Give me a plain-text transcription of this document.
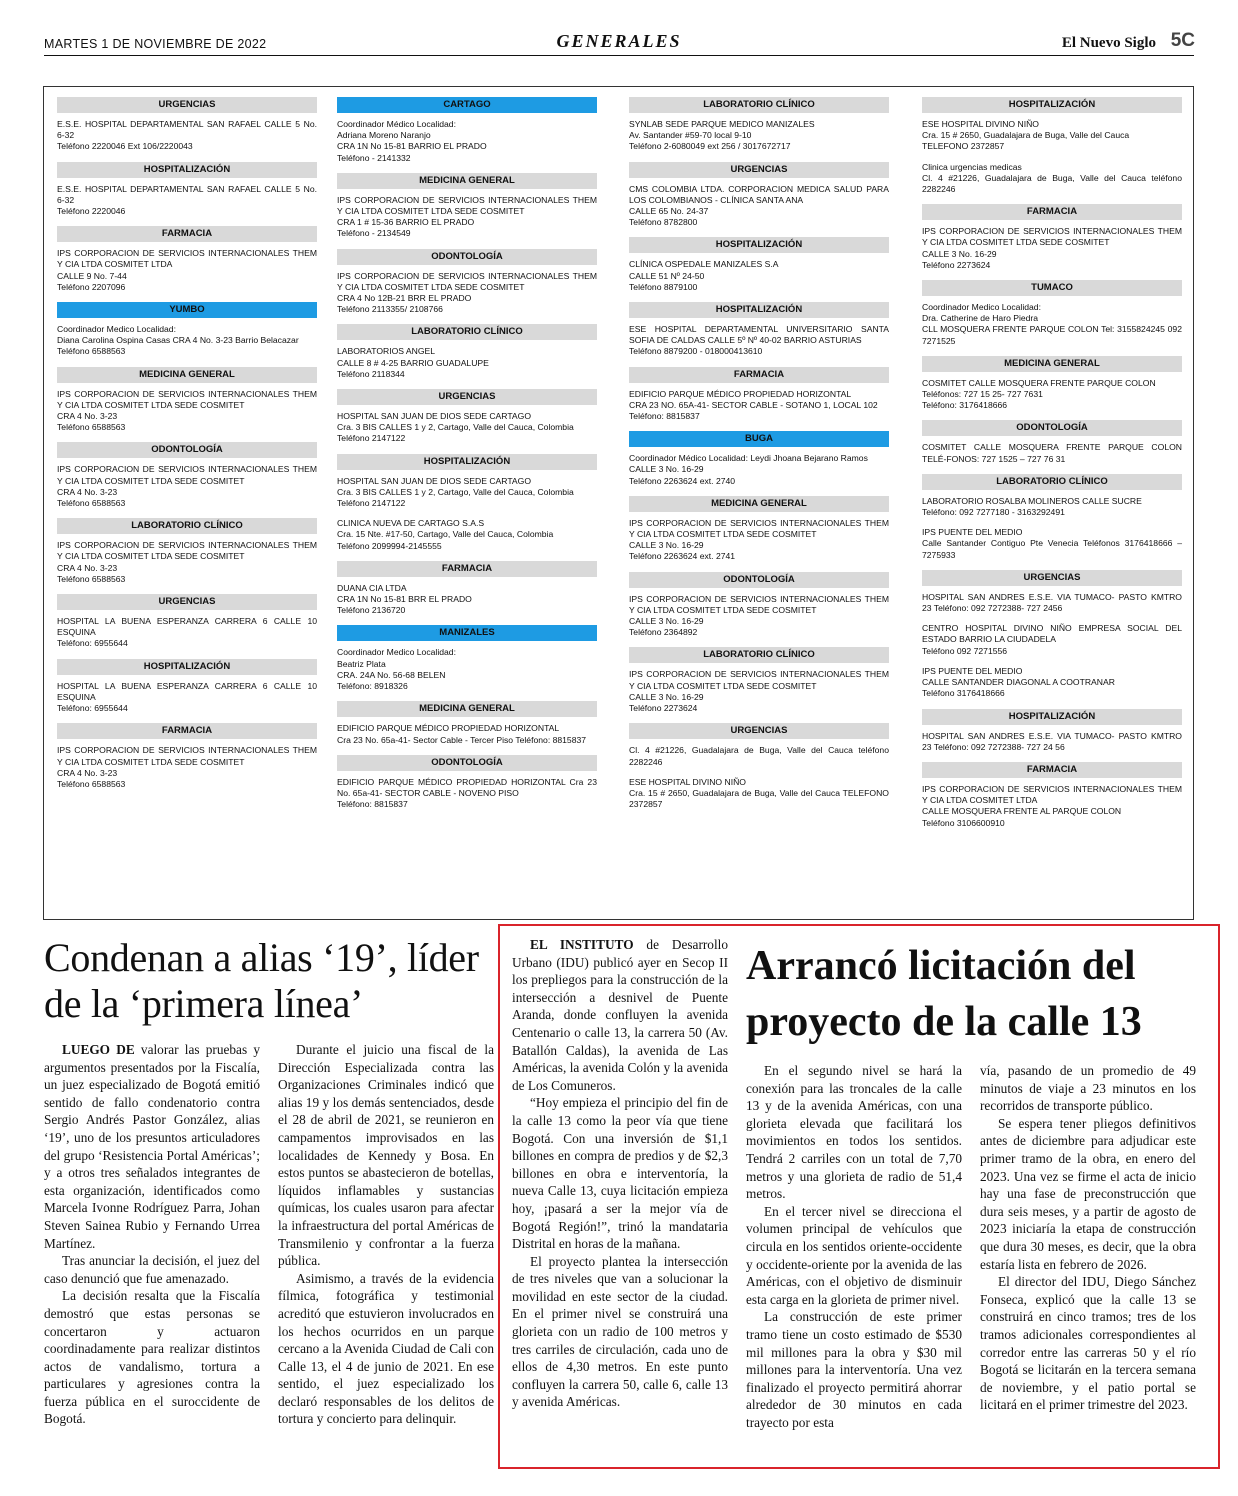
MARTES 1 DE NOVIEMBRE DE 2022	GENERALES	El Nuevo Siglo 5C
URGENCIAS
E.S.E. HOSPITAL DEPARTAMENTAL SAN RAFAEL CALLE 5 No. 6-32
Teléfono 2220046 Ext 106/2220043
HOSPITALIZACIÓN
E.S.E. HOSPITAL DEPARTAMENTAL SAN RAFAEL CALLE 5 No. 6-32
Teléfono 2220046
FARMACIA
IPS CORPORACION DE SERVICIOS INTERNACIONALES THEM Y CIA LTDA COSMITET LTDA
CALLE 9 No. 7-44
Teléfono 2207096
YUMBO
Coordinador Medico Localidad:
Diana Carolina Ospina Casas CRA 4 No. 3-23 Barrio Belacazar
Teléfono 6588563
MEDICINA GENERAL
IPS CORPORACION DE SERVICIOS INTERNACIONALES THEM Y CIA LTDA COSMITET LTDA SEDE COSMITET
CRA 4 No. 3-23
Teléfono 6588563
ODONTOLOGÍA
IPS CORPORACION DE SERVICIOS INTERNACIONALES THEM Y CIA LTDA COSMITET LTDA SEDE COSMITET
CRA 4 No. 3-23
Teléfono 6588563
LABORATORIO CLÍNICO
IPS CORPORACION DE SERVICIOS INTERNACIONALES THEM Y CIA LTDA COSMITET LTDA SEDE COSMITET
CRA 4 No. 3-23
Teléfono 6588563
URGENCIAS
HOSPITAL LA BUENA ESPERANZA CARRERA 6 CALLE 10 ESQUINA
Teléfono: 6955644
HOSPITALIZACIÓN
HOSPITAL LA BUENA ESPERANZA CARRERA 6 CALLE 10 ESQUINA
Teléfono: 6955644
FARMACIA
IPS CORPORACION DE SERVICIOS INTERNACIONALES THEM Y CIA LTDA COSMITET LTDA SEDE COSMITET
CRA 4 No. 3-23
Teléfono 6588563
CARTAGO
Coordinador Médico Localidad:
Adriana Moreno Naranjo
CRA 1N No 15-81 BARRIO EL PRADO
Teléfono - 2141332
MEDICINA GENERAL
IPS CORPORACION DE SERVICIOS INTERNACIONALES THEM Y CIA LTDA COSMITET LTDA SEDE COSMITET
CRA 1 # 15-36 BARRIO EL PRADO
Teléfono - 2134549
ODONTOLOGÍA
IPS CORPORACION DE SERVICIOS INTERNACIONALES THEM Y CIA LTDA COSMITET LTDA SEDE COSMITET
CRA 4 No 12B-21 BRR EL PRADO
Teléfono 2113355/ 2108766
LABORATORIO CLÍNICO
LABORATORIOS ANGEL
CALLE 8 # 4-25 BARRIO GUADALUPE
Teléfono 2118344
URGENCIAS
HOSPITAL SAN JUAN DE DIOS SEDE CARTAGO
Cra. 3 BIS CALLES 1 y 2, Cartago, Valle del Cauca, Colombia
Teléfono 2147122
HOSPITALIZACIÓN
HOSPITAL SAN JUAN DE DIOS SEDE CARTAGO
Cra. 3 BIS CALLES 1 y 2, Cartago, Valle del Cauca, Colombia
Teléfono 2147122
CLINICA NUEVA DE CARTAGO S.A.S
Cra. 15 Nte. #17-50, Cartago, Valle del Cauca, Colombia
Teléfono 2099994-2145555
FARMACIA
DUANA CIA LTDA
CRA 1N No 15-81 BRR EL PRADO
Teléfono 2136720
MANIZALES
Coordinador Medico Localidad:
Beatriz Plata
CRA. 24A No. 56-68 BELEN
Teléfono: 8918326
MEDICINA GENERAL
EDIFICIO PARQUE MÉDICO PROPIEDAD HORIZONTAL
Cra 23 No. 65a-41- Sector Cable - Tercer Piso Teléfono: 8815837
ODONTOLOGÍA
EDIFICIO PARQUE MÉDICO PROPIEDAD HORIZONTAL Cra 23 No. 65a-41- SECTOR CABLE - NOVENO PISO
Teléfono: 8815837
LABORATORIO CLÍNICO
SYNLAB SEDE PARQUE MEDICO MANIZALES
Av. Santander #59-70 local 9-10
Teléfono 2-6080049 ext 256 / 3017672717
URGENCIAS
CMS COLOMBIA LTDA. CORPORACION MEDICA SALUD PARA LOS COLOMBIANOS - CLÍNICA SANTA ANA
CALLE 65 No. 24-37
Teléfono 8782800
HOSPITALIZACIÓN
CLÍNICA OSPEDALE MANIZALES S.A
CALLE 51 Nº 24-50
Teléfono 8879100
HOSPITALIZACIÓN
ESE HOSPITAL DEPARTAMENTAL UNIVERSITARIO SANTA SOFIA DE CALDAS CALLE 5º Nº 40-02 BARRIO ASTURIAS
Teléfono 8879200 - 018000413610
FARMACIA
EDIFICIO PARQUE MÉDICO PROPIEDAD HORIZONTAL
CRA 23 NO. 65A-41- SECTOR CABLE - SOTANO 1, LOCAL 102
Teléfono: 8815837
BUGA
Coordinador Médico Localidad: Leydi Jhoana Bejarano Ramos
CALLE 3 No. 16-29
Teléfono 2263624 ext. 2740
MEDICINA GENERAL
IPS CORPORACION DE SERVICIOS INTERNACIONALES THEM Y CIA LTDA COSMITET LTDA SEDE COSMITET
CALLE 3 No. 16-29
Teléfono 2263624 ext. 2741
ODONTOLOGÍA
IPS CORPORACION DE SERVICIOS INTERNACIONALES THEM Y CIA LTDA COSMITET LTDA SEDE COSMITET
CALLE 3 No. 16-29
Teléfono 2364892
LABORATORIO CLÍNICO
IPS CORPORACION DE SERVICIOS INTERNACIONALES THEM Y CIA LTDA COSMITET LTDA SEDE COSMITET
CALLE 3 No. 16-29
Teléfono 2273624
URGENCIAS
Cl. 4 #21226, Guadalajara de Buga, Valle del Cauca teléfono 2282246
ESE HOSPITAL DIVINO NIÑO
Cra. 15 # 2650, Guadalajara de Buga, Valle del Cauca TELEFONO 2372857
HOSPITALIZACIÓN
ESE HOSPITAL DIVINO NIÑO
Cra. 15 # 2650, Guadalajara de Buga, Valle del Cauca
TELEFONO 2372857
Clinica urgencias medicas
Cl. 4 #21226, Guadalajara de Buga, Valle del Cauca teléfono 2282246
FARMACIA
IPS CORPORACION DE SERVICIOS INTERNACIONALES THEM Y CIA LTDA COSMITET LTDA SEDE COSMITET
CALLE 3 No. 16-29
Teléfono 2273624
TUMACO
Coordinador Medico Localidad:
Dra. Catherine de Haro Piedra
CLL MOSQUERA FRENTE PARQUE COLON Tel: 3155824245 092 7271525
MEDICINA GENERAL
COSMITET CALLE MOSQUERA FRENTE PARQUE COLON
Teléfonos: 727 15 25- 727 7631
Teléfono: 3176418666
ODONTOLOGÍA
COSMITET CALLE MOSQUERA FRENTE PARQUE COLON TELÉ-FONOS: 727 1525 – 727 76 31
LABORATORIO CLÍNICO
LABORATORIO ROSALBA MOLINEROS CALLE SUCRE
Teléfono: 092 7277180 - 3163292491
IPS PUENTE DEL MEDIO
Calle Santander Contiguo Pte Venecia Teléfonos 3176418666 – 7275933
URGENCIAS
HOSPITAL SAN ANDRES E.S.E. VIA TUMACO- PASTO KMTRO 23 Teléfono: 092 7272388- 727 2456
CENTRO HOSPITAL DIVINO NIÑO EMPRESA SOCIAL DEL ESTADO BARRIO LA CIUDADELA
Teléfono 092 7271556
IPS PUENTE DEL MEDIO
CALLE SANTANDER DIAGONAL A COOTRANAR
Teléfono 3176418666
HOSPITALIZACIÓN
HOSPITAL SAN ANDRES E.S.E. VIA TUMACO- PASTO KMTRO 23 Teléfono: 092 7272388- 727 24 56
FARMACIA
IPS CORPORACION DE SERVICIOS INTERNACIONALES THEM Y CIA LTDA COSMITET LTDA
CALLE MOSQUERA FRENTE AL PARQUE COLON
Teléfono 3106600910
Condenan a alias ‘19’, líder de la ‘primera línea’

LUEGO DE valorar las pruebas y argumentos presentados por la Fiscalía, un juez especializado de Bogotá emitió sentido de fallo condenatorio contra Sergio Andrés Pastor González, alias ‘19’, uno de los presuntos articuladores del grupo ‘Resistencia Portal Américas’; y a otros tres señalados integrantes de esta organización, identificados como Marcela Ivonne Rodríguez Parra, Johan Steven Sainea Rubio y Fernando Urrea Martínez.

Tras anunciar la decisión, el juez del caso denunció que fue amenazado.

La decisión resalta que la Fiscalía demostró que estas personas se concertaron y actuaron coordinadamente para realizar distintos actos de vandalismo, tortura a particulares y agresiones contra la fuerza pública en el suroccidente de Bogotá.

Durante el juicio una fiscal de la Dirección Especializada contra las Organizaciones Criminales indicó que alias 19 y los demás sentenciados, desde el 28 de abril de 2021, se reunieron en campamentos improvisados en las localidades de Kennedy y Bosa. En estos puntos se abastecieron de botellas, líquidos inflamables y sustancias químicas, los cuales usaron para afectar la infraestructura del portal Américas de Transmilenio y confrontar a la fuerza pública.

Asimismo, a través de la evidencia fílmica, fotográfica y testimonial acreditó que estuvieron involucrados en los hechos ocurridos en un parque cercano a la Avenida Ciudad de Cali con Calle 13, el 4 de junio de 2021. En ese sentido, el juez especializado los declaró responsables de los delitos de tortura y concierto para delinquir.

EL INSTITUTO de Desarrollo Urbano (IDU) publicó ayer en Secop II los prepliegos para la construcción de la intersección a desnivel de Puente Aranda, donde confluyen la avenida Centenario o calle 13, la carrera 50 (Av. Batallón Caldas), la avenida de Las Américas, la avenida Colón y la avenida de Los Comuneros.

“Hoy empieza el principio del fin de la calle 13 como la peor vía que tiene Bogotá. Con una inversión de $1,1 billones en compra de predios y de $2,3 billones en obra e interventoría, la nueva Calle 13, cuya licitación empieza hoy, ¡pasará a ser la mejor vía de Bogotá Región!”, trinó la mandataria Distrital en horas de la mañana.

El proyecto plantea la intersección de tres niveles que van a solucionar la movilidad en este sector de la ciudad. En el primer nivel se construirá una glorieta con un radio de 100 metros y tres carriles de circulación, cada uno de ellos de 4,30 metros. En este punto confluyen la carrera 50, calle 6, calle 13 y avenida Américas.

Arrancó licitación del proyecto de la calle 13

En el segundo nivel se hará la conexión para las troncales de la calle 13 y de la avenida Américas, con una glorieta elevada que facilitará los movimientos en todos los sentidos. Tendrá 2 carriles con un total de 7,70 metros y una glorieta de radio de 51,4 metros.

En el tercer nivel se direcciona el volumen principal de vehículos que circula en los sentidos oriente-occidente y occidente-oriente por la avenida de las Américas, con el objetivo de disminuir esta carga en la glorieta de primer nivel.

La construcción de este primer tramo tiene un costo estimado de $530 mil millones para la obra y $30 mil millones para la interventoría. Una vez finalizado el proyecto permitirá ahorrar alrededor de 30 minutos en cada trayecto por esta

vía, pasando de un promedio de 49 minutos de viaje a 23 minutos en los recorridos de transporte público.

Se espera tener pliegos definitivos antes de diciembre para adjudicar este primer tramo de la obra, en enero del 2023. Una vez se firme el acta de inicio hay una fase de preconstrucción que dura seis meses, y a partir de agosto de 2023 iniciaría la etapa de construcción que dura 30 meses, es decir, que la obra estaría lista en febrero de 2026.

El director del IDU, Diego Sánchez Fonseca, explicó que la calle 13 se construirá en cinco tramos; tres de los tramos adicionales correspondientes al corredor entre las carreras 50 y el río Bogotá se licitarán en la tercera semana de noviembre, y el patio portal se licitará en el primer trimestre del 2023.
